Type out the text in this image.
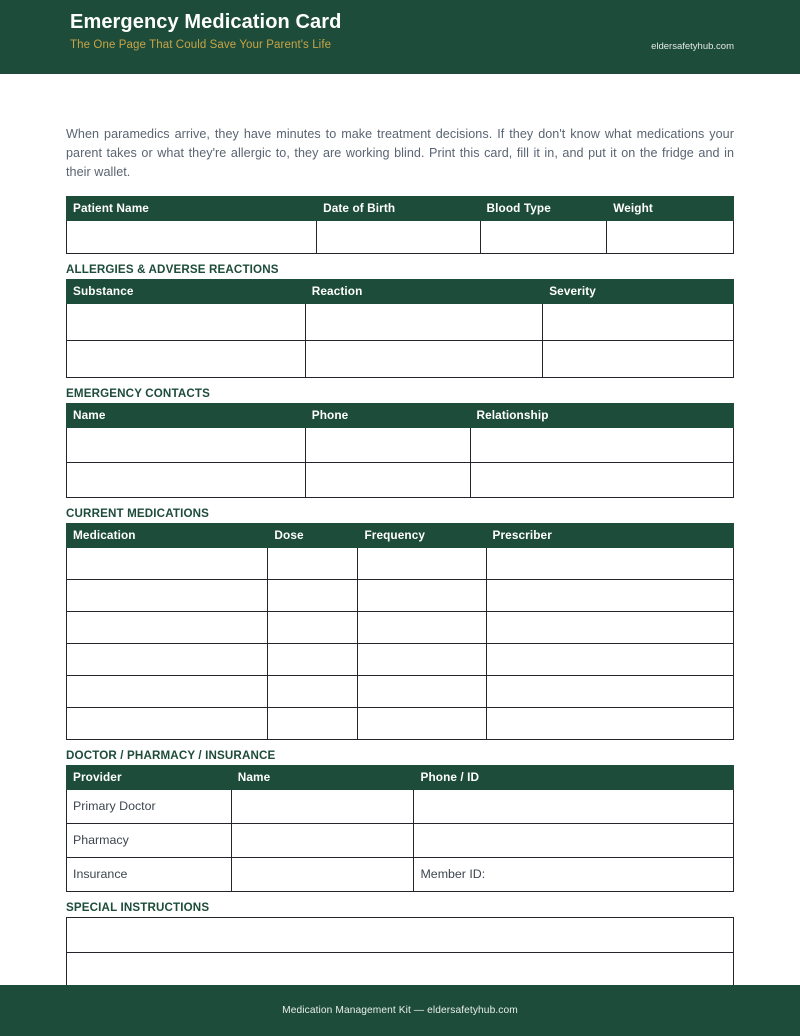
Emergency Medication Card
The One Page That Could Save Your Parent's Life	eldersafetyhub.com

When paramedics arrive, they have minutes to make treatment decisions. If they don't know what medications your parent takes or what they're allergic to, they are working blind. Print this card, fill it in, and put it on the fridge and in their wallet.

Patient Name	Date of Birth	Blood Type	Weight

ALLERGIES & ADVERSE REACTIONS
Substance	Reaction	Severity

EMERGENCY CONTACTS
Name	Phone	Relationship

CURRENT MEDICATIONS
Medication	Dose	Frequency	Prescriber

DOCTOR / PHARMACY / INSURANCE
Provider	Name	Phone / ID
Primary Doctor		
Pharmacy		
Insurance		Member ID:
SPECIAL INSTRUCTIONS

Medication Management Kit — eldersafetyhub.com
